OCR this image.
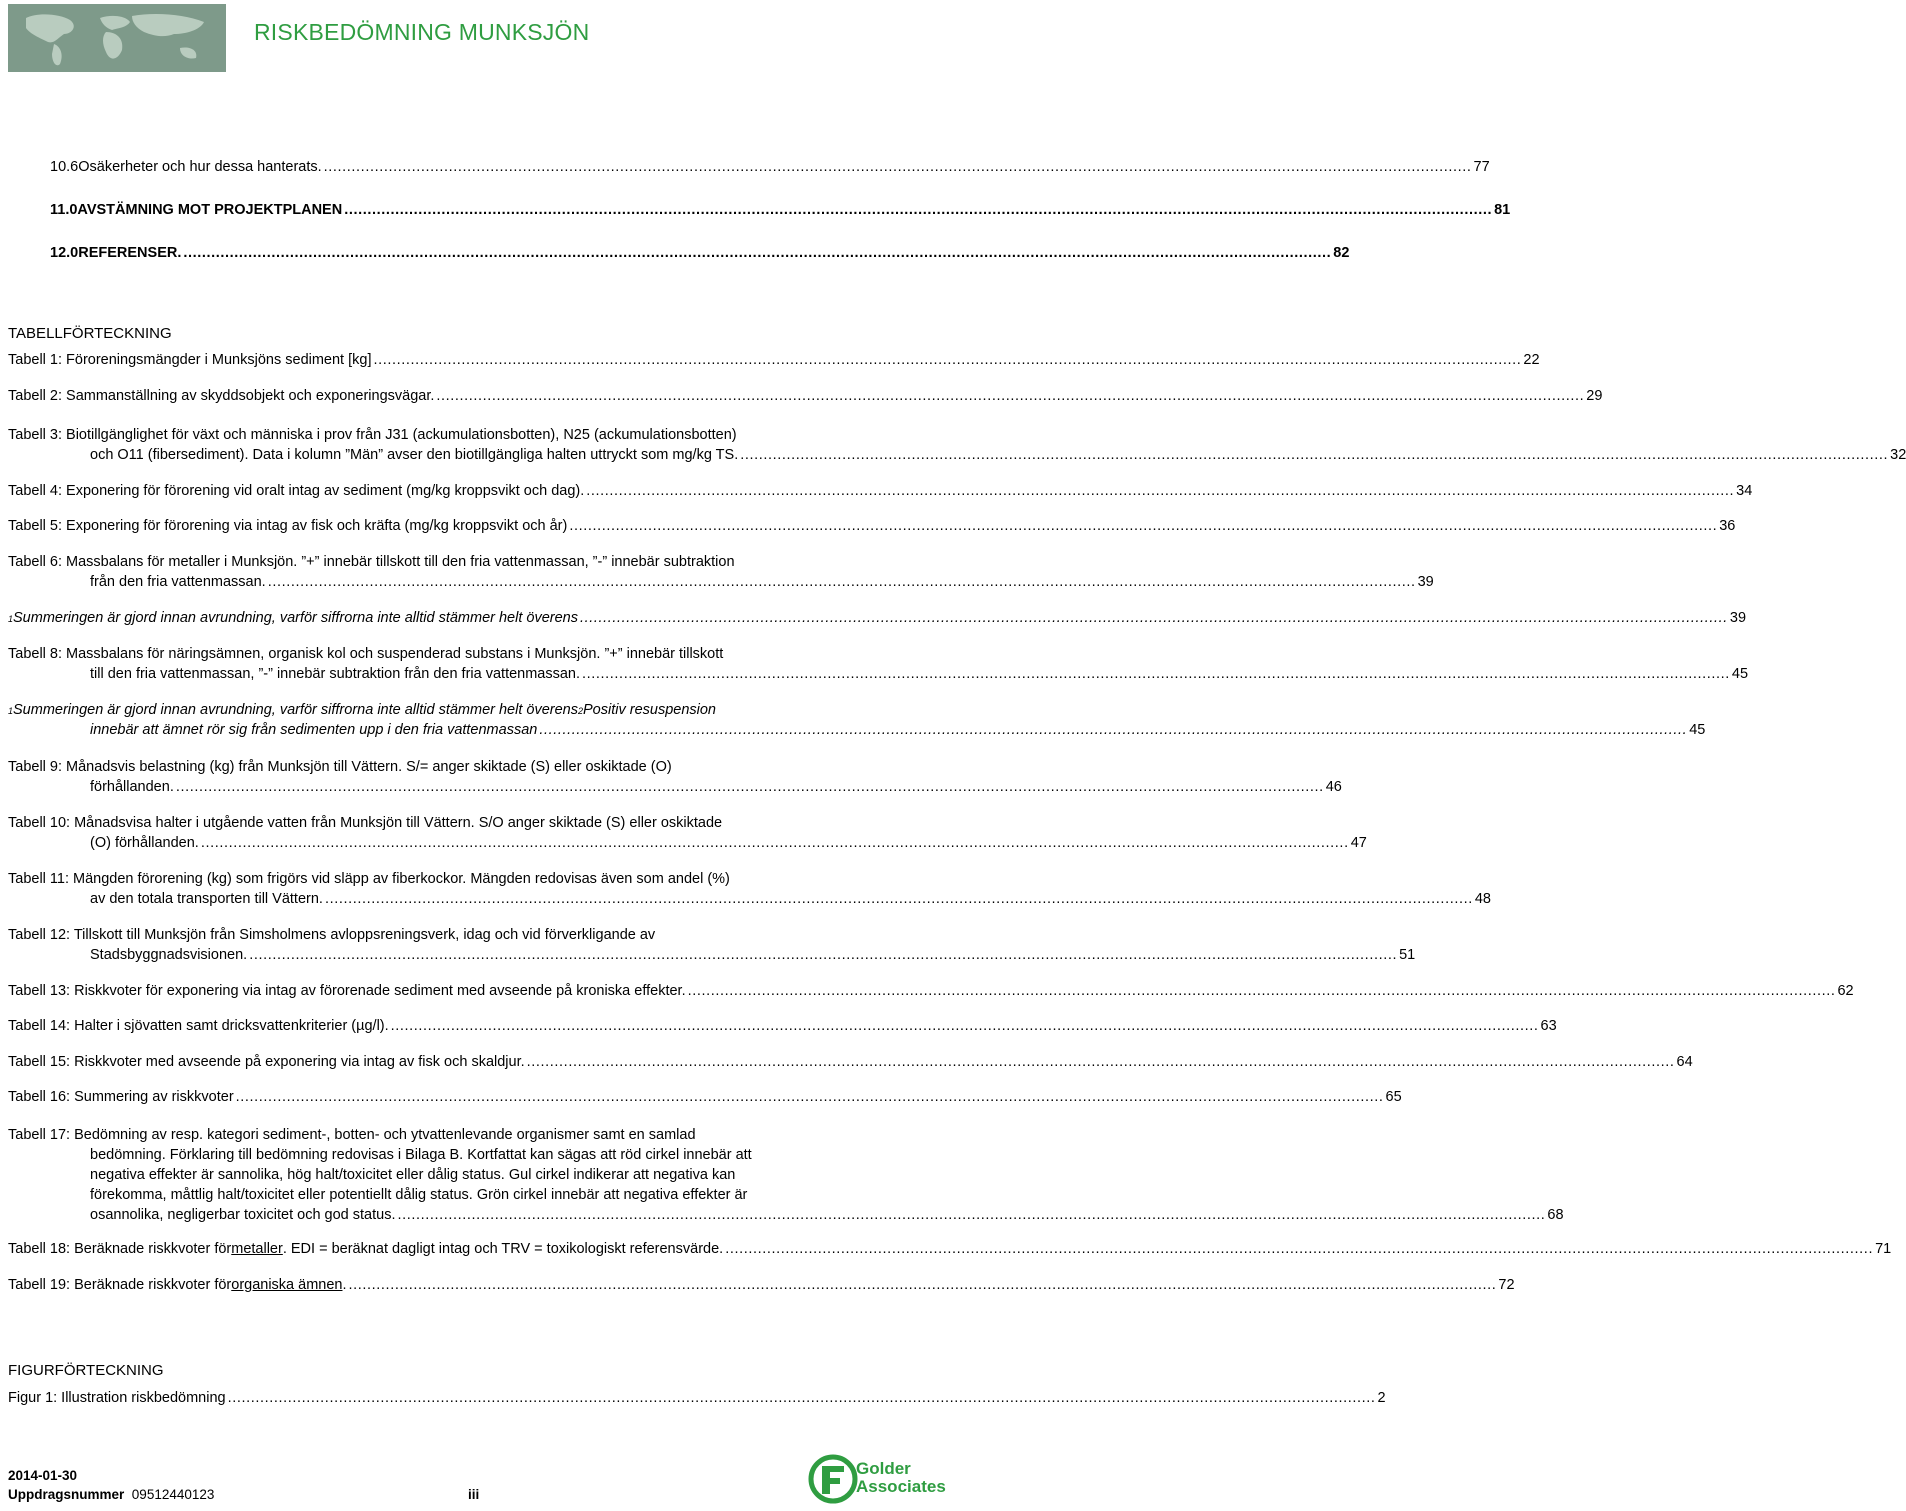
RISKBEDÖMNING MUNKSJÖN
10.6 Osäkerheter och hur dessa hanterats. .....	77
11.0 AVSTÄMNING MOT PROJEKTPLANEN .....	81
12.0 REFERENSER. .....	82
TABELLFÖRTECKNING
Tabell 1: Föroreningsmängder i Munksjöns sediment [kg] .....	22
Tabell 2: Sammanställning av skyddsobjekt och exponeringsvägar. .....	29
Tabell 3: Biotillgänglighet för växt och människa i prov från J31 (ackumulationsbotten), N25 (ackumulationsbotten)
och O11 (fibersediment). Data i kolumn ”Män” avser den biotillgängliga halten uttryckt som mg/kg TS. .....	32
Tabell 4: Exponering för förorening vid oralt intag av sediment (mg/kg kroppsvikt och dag). .....	34
Tabell 5: Exponering för förorening via intag av fisk och kräfta (mg/kg kroppsvikt och år) .....	36
Tabell 6: Massbalans för metaller i Munksjön. ”+” innebär tillskott till den fria vattenmassan, ”-” innebär subtraktion
från den fria vattenmassan. .....	39
1 Summeringen är gjord innan avrundning, varför siffrorna inte alltid stämmer helt överens .....	39
Tabell 8: Massbalans för näringsämnen, organisk kol och suspenderad substans i Munksjön. ”+” innebär tillskott
till den fria vattenmassan, ”-” innebär subtraktion från den fria vattenmassan. .....	45
1 Summeringen är gjord innan avrundning, varför siffrorna inte alltid stämmer helt överens 2 Positiv resuspension
innebär att ämnet rör sig från sedimenten upp i den fria vattenmassan .....	45
Tabell 9: Månadsvis belastning (kg) från Munksjön till Vättern. S/= anger skiktade (S) eller oskiktade (O)
förhållanden. .....	46
Tabell 10: Månadsvisa halter i utgående vatten från Munksjön till Vättern. S/O anger skiktade (S) eller oskiktade
(O) förhållanden. .....	47
Tabell 11: Mängden förorening (kg) som frigörs vid släpp av fiberkockor. Mängden redovisas även som andel (%)
av den totala transporten till Vättern. .....	48
Tabell 12: Tillskott till Munksjön från Simsholmens avloppsreningsverk, idag och vid förverkligande av
Stadsbyggnadsvisionen. .....	51
Tabell 13: Riskkvoter för exponering via intag av förorenade sediment med avseende på kroniska effekter. .....	62
Tabell 14: Halter i sjövatten samt dricksvattenkriterier (µg/l). .....	63
Tabell 15: Riskkvoter med avseende på exponering via intag av fisk och skaldjur. .....	64
Tabell 16: Summering av riskkvoter .....	65
Tabell 17: Bedömning av resp. kategori sediment-, botten- och ytvattenlevande organismer samt en samlad
bedömning. Förklaring till bedömning redovisas i Bilaga B. Kortfattat kan sägas att röd cirkel innebär att
negativa effekter är sannolika, hög halt/toxicitet eller dålig status. Gul cirkel indikerar att negativa kan
förekomma, måttlig halt/toxicitet eller potentiellt dålig status. Grön cirkel innebär att negativa effekter är
osannolika, negligerbar toxicitet och god status. .....	68
Tabell 18: Beräknade riskkvoter för metaller . EDI = beräknat dagligt intag och TRV = toxikologiskt referensvärde. .....	71
Tabell 19: Beräknade riskkvoter för organiska ämnen . .....	72
FIGURFÖRTECKNING
Figur 1: Illustration riskbedömning .....	2
2014-01-30
Uppdragsnummer 09512440123	iii
Golder
Associates
